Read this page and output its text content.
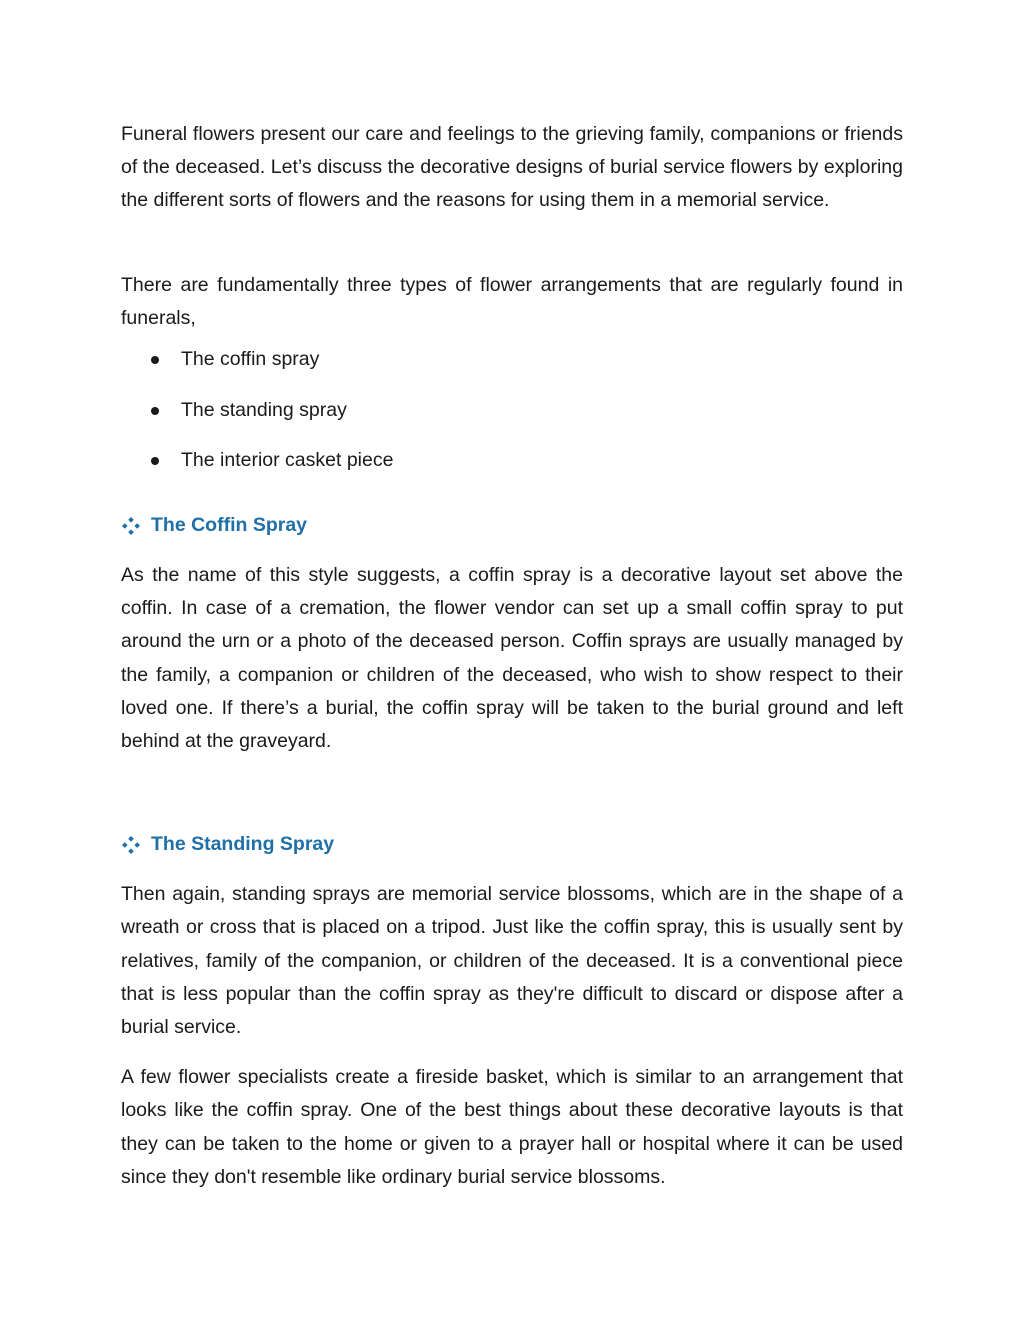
Funeral flowers present our care and feelings to the grieving family, companions or friends of the deceased. Let’s discuss the decorative designs of burial service flowers by exploring the different sorts of flowers and the reasons for using them in a memorial service.

There are fundamentally three types of flower arrangements that are regularly found in funerals,

The coffin spray
The standing spray
The interior casket piece
The Coffin Spray

As the name of this style suggests, a coffin spray is a decorative layout set above the coffin. In case of a cremation, the flower vendor can set up a small coffin spray to put around the urn or a photo of the deceased person. Coffin sprays are usually managed by the family, a companion or children of the deceased, who wish to show respect to their loved one. If there’s a burial, the coffin spray will be taken to the burial ground and left behind at the graveyard.

The Standing Spray

Then again, standing sprays are memorial service blossoms, which are in the shape of a wreath or cross that is placed on a tripod. Just like the coffin spray, this is usually sent by relatives, family of the companion, or children of the deceased. It is a conventional piece that is less popular than the coffin spray as they're difficult to discard or dispose after a burial service.

A few flower specialists create a fireside basket, which is similar to an arrangement that looks like the coffin spray. One of the best things about these decorative layouts is that they can be taken to the home or given to a prayer hall or hospital where it can be used since they don't resemble like ordinary burial service blossoms.
